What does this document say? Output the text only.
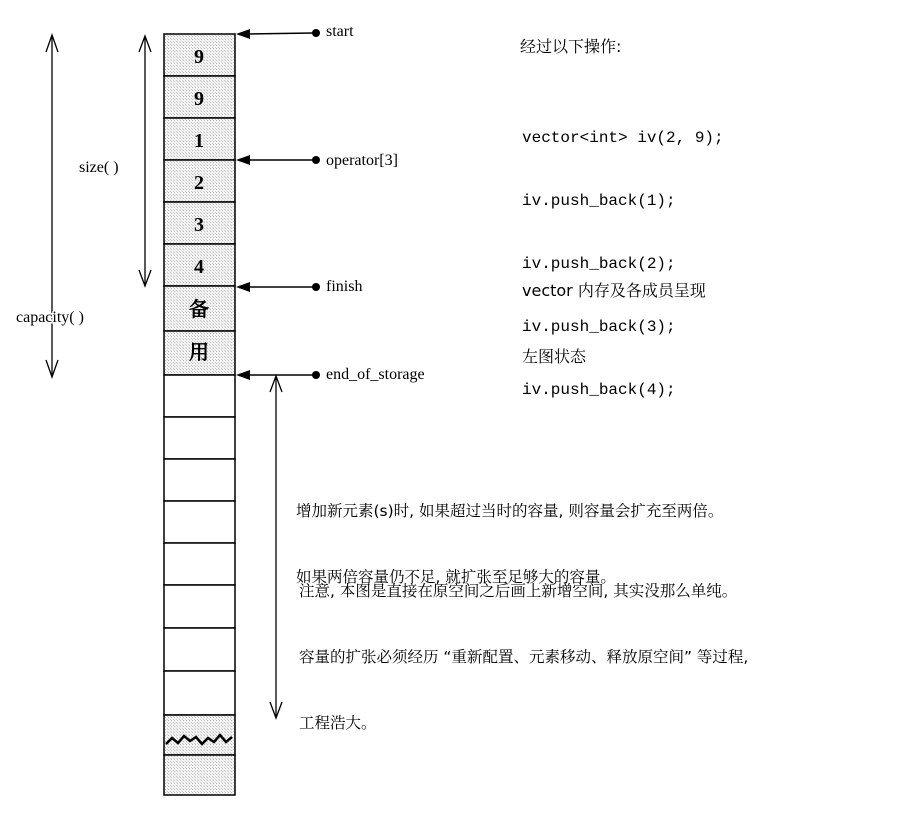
9
9
1
2
3
4
备
用
start
operator[3]
finish
end_of_storage
size( )
capacity( )
经过以下操作:

vector<int> iv(2, 9);

iv.push_back(1);

iv.push_back(2);

iv.push_back(3);

iv.push_back(4);

vector 内存及各成员呈现

左图状态

增加新元素(s)时, 如果超过当时的容量, 则容量会扩充至两倍。

如果两倍容量仍不足, 就扩张至足够大的容量。

注意, 本图是直接在原空间之后画上新增空间, 其实没那么单纯。

容量的扩张必须经历 “重新配置、元素移动、释放原空间” 等过程,

工程浩大。
